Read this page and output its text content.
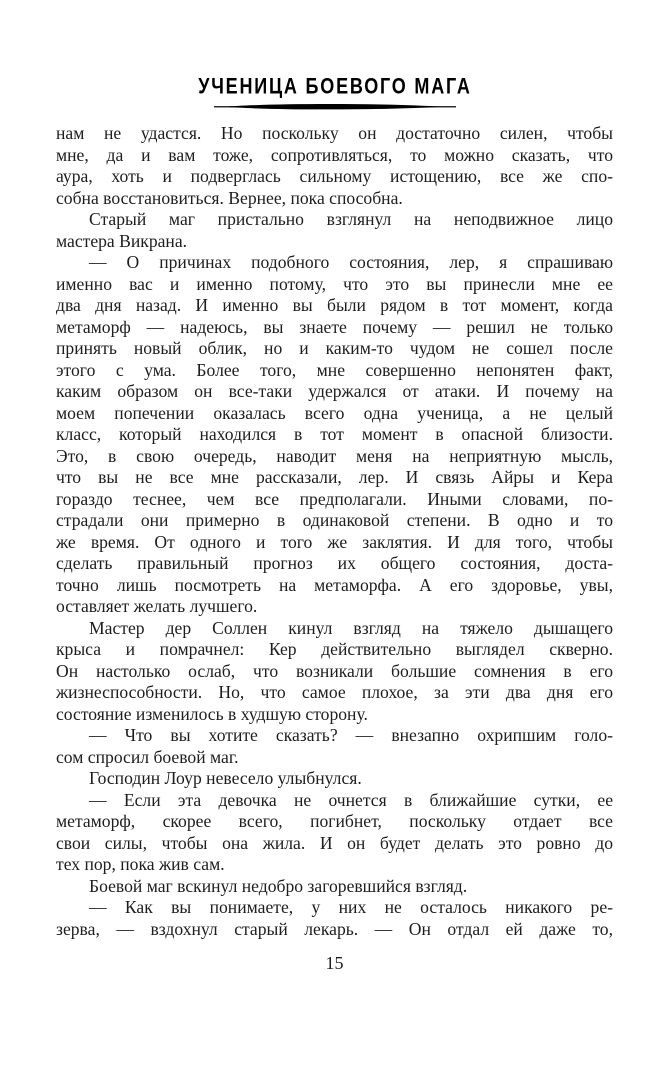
УЧЕНИЦА БОЕВОГО МАГА
нам не удастся. Но поскольку он достаточно силен, чтобы
мне, да и вам тоже, сопротивляться, то можно сказать, что
аура, хоть и подверглась сильному истощению, все же спо-
собна восстановиться. Вернее, пока способна.
Старый маг пристально взглянул на неподвижное лицо
мастера Викрана.
— О причинах подобного состояния, лер, я спрашиваю
именно вас и именно потому, что это вы принесли мне ее
два дня назад. И именно вы были рядом в тот момент, когда
метаморф — надеюсь, вы знаете почему — решил не только
принять новый облик, но и каким-то чудом не сошел после
этого с ума. Более того, мне совершенно непонятен факт,
каким образом он все-таки удержался от атаки. И почему на
моем попечении оказалась всего одна ученица, а не целый
класс, который находился в тот момент в опасной близости.
Это, в свою очередь, наводит меня на неприятную мысль,
что вы не все мне рассказали, лер. И связь Айры и Кера
гораздо теснее, чем все предполагали. Иными словами, по-
страдали они примерно в одинаковой степени. В одно и то
же время. От одного и того же заклятия. И для того, чтобы
сделать правильный прогноз их общего состояния, доста-
точно лишь посмотреть на метаморфа. А его здоровье, увы,
оставляет желать лучшего.
Мастер дер Соллен кинул взгляд на тяжело дышащего
крыса и помрачнел: Кер действительно выглядел скверно.
Он настолько ослаб, что возникали большие сомнения в его
жизнеспособности. Но, что самое плохое, за эти два дня его
состояние изменилось в худшую сторону.
— Что вы хотите сказать? — внезапно охрипшим голо-
сом спросил боевой маг.
Господин Лоур невесело улыбнулся.
— Если эта девочка не очнется в ближайшие сутки, ее
метаморф, скорее всего, погибнет, поскольку отдает все
свои силы, чтобы она жила. И он будет делать это ровно до
тех пор, пока жив сам.
Боевой маг вскинул недобро загоревшийся взгляд.
— Как вы понимаете, у них не осталось никакого ре-
зерва, — вздохнул старый лекарь. — Он отдал ей даже то,
15
